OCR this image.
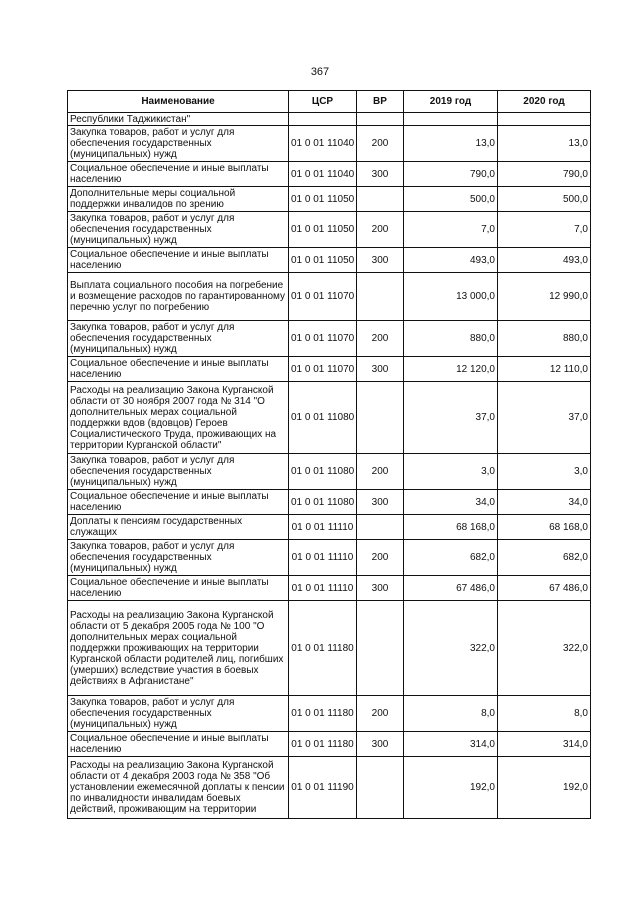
367
Наименование	ЦСР	ВР	2019 год	2020 год
Республики Таджикистан"				
Закупка товаров, работ и услуг для обеспечения государственных (муниципальных) нужд	01 0 01 11040	200	13,0	13,0
Социальное обеспечение и иные выплаты населению	01 0 01 11040	300	790,0	790,0
Дополнительные меры социальной поддержки инвалидов по зрению	01 0 01 11050		500,0	500,0
Закупка товаров, работ и услуг для обеспечения государственных (муниципальных) нужд	01 0 01 11050	200	7,0	7,0
Социальное обеспечение и иные выплаты населению	01 0 01 11050	300	493,0	493,0
Выплата социального пособия на погребение и возмещение расходов по гарантированному перечню услуг по погребению	01 0 01 11070		13 000,0	12 990,0
Закупка товаров, работ и услуг для обеспечения государственных (муниципальных) нужд	01 0 01 11070	200	880,0	880,0
Социальное обеспечение и иные выплаты населению	01 0 01 11070	300	12 120,0	12 110,0
Расходы на реализацию Закона Курганской области от 30 ноября 2007 года № 314 "О дополнительных мерах социальной поддержки вдов (вдовцов) Героев Социалистического Труда, проживающих на территории Курганской области"	01 0 01 11080		37,0	37,0
Закупка товаров, работ и услуг для обеспечения государственных (муниципальных) нужд	01 0 01 11080	200	3,0	3,0
Социальное обеспечение и иные выплаты населению	01 0 01 11080	300	34,0	34,0
Доплаты к пенсиям государственных служащих	01 0 01 11110		68 168,0	68 168,0
Закупка товаров, работ и услуг для обеспечения государственных (муниципальных) нужд	01 0 01 11110	200	682,0	682,0
Социальное обеспечение и иные выплаты населению	01 0 01 11110	300	67 486,0	67 486,0
Расходы на реализацию Закона Курганской области от 5 декабря 2005 года № 100 "О дополнительных мерах социальной поддержки проживающих на территории Курганской области родителей лиц, погибших (умерших) вследствие участия в боевых действиях в Афганистане"	01 0 01 11180		322,0	322,0
Закупка товаров, работ и услуг для обеспечения государственных (муниципальных) нужд	01 0 01 11180	200	8,0	8,0
Социальное обеспечение и иные выплаты населению	01 0 01 11180	300	314,0	314,0
Расходы на реализацию Закона Курганской области от 4 декабря 2003 года № 358 "Об установлении ежемесячной доплаты к пенсии по инвалидности инвалидам боевых действий, проживающим на территории	01 0 01 11190		192,0	192,0
